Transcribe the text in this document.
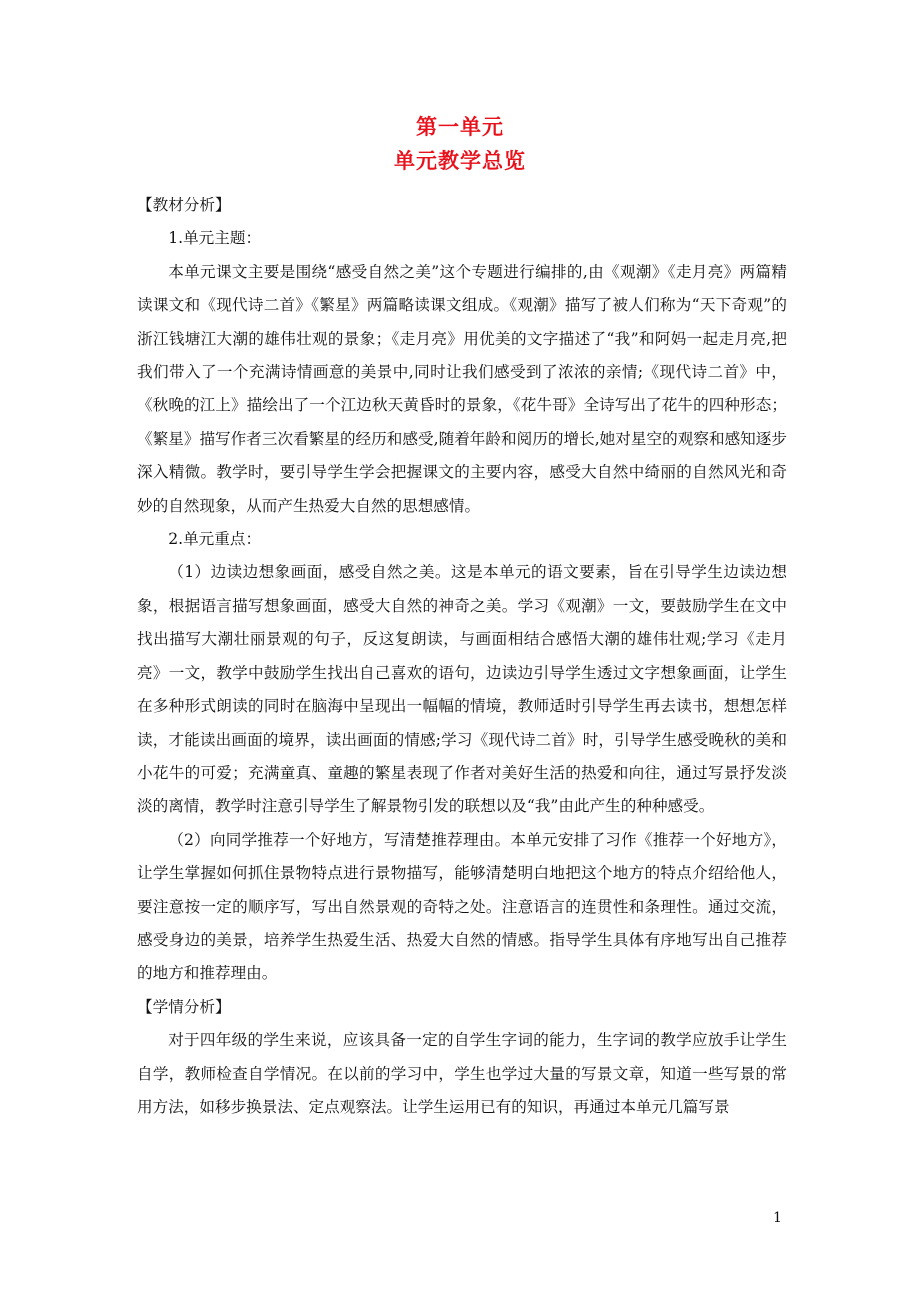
第一单元
单元教学总览

【教材分析】

1.单元主题：

本单元课文主要是围绕“感受自然之美”这个专题进行编排的,由《观潮》《走月亮》两篇精读课文和《现代诗二首》《繁星》两篇略读课文组成。《观潮》描写了被人们称为“天下奇观”的浙江钱塘江大潮的雄伟壮观的景象；《走月亮》用优美的文字描述了“我”和阿妈一起走月亮,把我们带入了一个充满诗情画意的美景中,同时让我们感受到了浓浓的亲情;《现代诗二首》中，《秋晚的江上》描绘出了一个江边秋天黄昏时的景象，《花牛哥》全诗写出了花牛的四种形态；《繁星》描写作者三次看繁星的经历和感受,随着年龄和阅历的增长,她对星空的观察和感知逐步深入精微。教学时，要引导学生学会把握课文的主要内容，感受大自然中绮丽的自然风光和奇妙的自然现象，从而产生热爱大自然的思想感情。

2.单元重点：

（1）边读边想象画面，感受自然之美。这是本单元的语文要素，旨在引导学生边读边想象，根据语言描写想象画面，感受大自然的神奇之美。学习《观潮》一文，要鼓励学生在文中找出描写大潮壮丽景观的句子，反这复朗读，与画面相结合感悟大潮的雄伟壮观;学习《走月亮》一文，教学中鼓励学生找出自己喜欢的语句，边读边引导学生透过文字想象画面，让学生在多种形式朗读的同时在脑海中呈现出一幅幅的情境，教师适时引导学生再去读书，想想怎样读，才能读出画面的境界，读出画面的情感;学习《现代诗二首》时，引导学生感受晚秋的美和小花牛的可爱；充满童真、童趣的繁星表现了作者对美好生活的热爱和向往，通过写景抒发淡淡的离情，教学时注意引导学生了解景物引发的联想以及“我”由此产生的种种感受。

（2）向同学推荐一个好地方，写清楚推荐理由。本单元安排了习作《推荐一个好地方》，让学生掌握如何抓住景物特点进行景物描写，能够清楚明白地把这个地方的特点介绍给他人，要注意按一定的顺序写，写出自然景观的奇特之处。注意语言的连贯性和条理性。通过交流，感受身边的美景，培养学生热爱生活、热爱大自然的情感。指导学生具体有序地写出自己推荐的地方和推荐理由。

【学情分析】

对于四年级的学生来说，应该具备一定的自学生字词的能力，生字词的教学应放手让学生自学，教师检查自学情况。在以前的学习中，学生也学过大量的写景文章，知道一些写景的常用方法，如移步换景法、定点观察法。让学生运用已有的知识，再通过本单元几篇写景

1
